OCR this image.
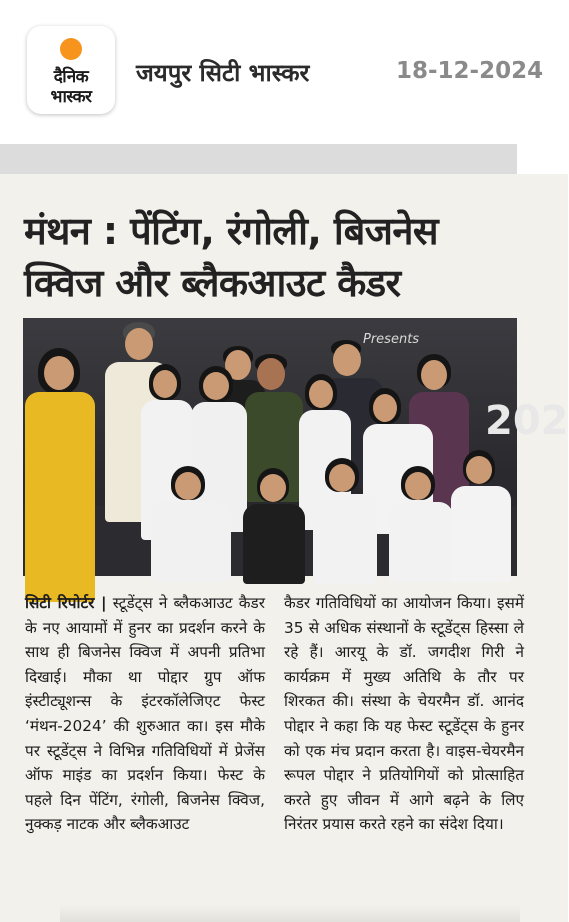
दैनिक
भास्कर
जयपुर सिटी भास्कर	18-12-2024
मंथन : पेंटिंग, रंगोली, बिजनेस
क्विज और ब्लैकआउट कैडर
Presents
202
सिटी रिपोर्टर | स्टूडेंट्स ने ब्लैकआउट कैडर के नए आयामों में हुनर का प्रदर्शन करने के साथ ही बिजनेस क्विज में अपनी प्रतिभा दिखाई। मौका था पोद्दार ग्रुप ऑफ इंस्टीट्यूशन्स के इंटरकॉलेजिएट फेस्ट ‘मंथन-2024’ की शुरुआत का। इस मौके पर स्टूडेंट्स ने विभिन्न गतिविधियों में प्रेजेंस ऑफ माइंड का प्रदर्शन किया। फेस्ट के पहले दिन पेंटिंग, रंगोली, बिजनेस क्विज, नुक्कड़ नाटक और ब्लैकआउट
कैडर गतिविधियों का आयोजन किया। इसमें 35 से अधिक संस्थानों के स्टूडेंट्स हिस्सा ले रहे हैं। आरयू के डॉ. जगदीश गिरी ने कार्यक्रम में मुख्य अतिथि के तौर पर शिरकत की। संस्था के चेयरमैन डॉ. आनंद पोद्दार ने कहा कि यह फेस्ट स्टूडेंट्स के हुनर को एक मंच प्रदान करता है। वाइस-चेयरमैन रूपल पोद्दार ने प्रतियोगियों को प्रोत्साहित करते हुए जीवन में आगे बढ़ने के लिए निरंतर प्रयास करते रहने का संदेश दिया।
